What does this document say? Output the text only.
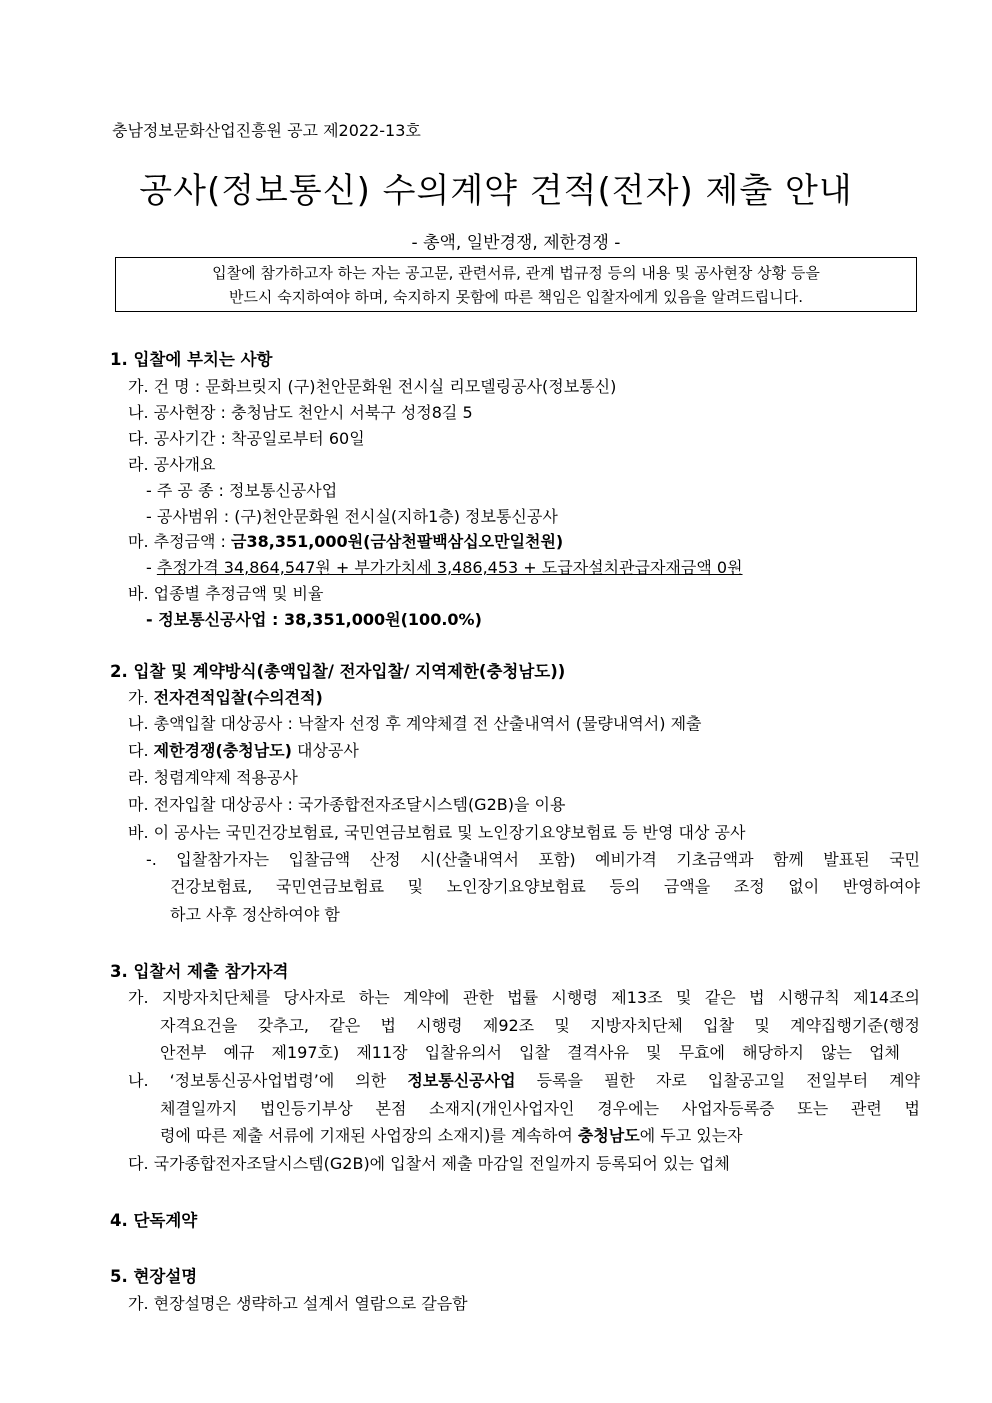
충남정보문화산업진흥원 공고 제2022-13호
공사(정보통신) 수의계약 견적(전자) 제출 안내
- 총액, 일반경쟁, 제한경쟁 -
입찰에 참가하고자 하는 자는 공고문, 관련서류, 관계 법규정 등의 내용 및 공사현장 상황 등을
반드시 숙지하여야 하며, 숙지하지 못함에 따른 책임은 입찰자에게 있음을 알려드립니다.
1. 입찰에 부치는 사항
가. 건 명 : 문화브릿지 (구)천안문화원 전시실 리모델링공사(정보통신)
나. 공사현장 : 충청남도 천안시 서북구 성정8길 5
다. 공사기간 : 착공일로부터 60일
라. 공사개요
- 주 공 종 : 정보통신공사업
- 공사범위 : (구)천안문화원 전시실(지하1층) 정보통신공사
마. 추정금액 : 금38,351,000원(금삼천팔백삼십오만일천원)
- 추정가격 34,864,547원 + 부가가치세 3,486,453 + 도급자설치관급자재금액 0원
바. 업종별 추정금액 및 비율
- 정보통신공사업 : 38,351,000원(100.0%)
2. 입찰 및 계약방식(총액입찰/ 전자입찰/ 지역제한(충청남도))
가. 전자견적입찰(수의견적)
나. 총액입찰 대상공사 : 낙찰자 선정 후 계약체결 전 산출내역서 (물량내역서) 제출
다. 제한경쟁(충청남도) 대상공사
라. 청렴계약제 적용공사
마. 전자입찰 대상공사 : 국가종합전자조달시스템(G2B)을 이용
바. 이 공사는 국민건강보험료, 국민연금보험료 및 노인장기요양보험료 등 반영 대상 공사
-. 입찰참가자는 입찰금액 산정 시(산출내역서 포함) 예비가격 기초금액과 함께 발표된 국민
건강보험료, 국민연금보험료 및 노인장기요양보험료 등의 금액을 조정 없이 반영하여야
하고 사후 정산하여야 함
3. 입찰서 제출 참가자격
가. 지방자치단체를 당사자로 하는 계약에 관한 법률 시행령 제13조 및 같은 법 시행규칙 제14조의
자격요건을 갖추고, 같은 법 시행령 제92조 및 지방자치단체 입찰 및 계약집행기준(행정
안전부 예규 제197호) 제11장 입찰유의서 입찰 결격사유 및 무효에 해당하지 않는 업체
나. ‘정보통신공사업법령’에 의한 정보통신공사업 등록을 필한 자로 입찰공고일 전일부터 계약
체결일까지 법인등기부상 본점 소재지(개인사업자인 경우에는 사업자등록증 또는 관련 법
령에 따른 제출 서류에 기재된 사업장의 소재지)를 계속하여 충청남도에 두고 있는자
다. 국가종합전자조달시스템(G2B)에 입찰서 제출 마감일 전일까지 등록되어 있는 업체
4. 단독계약
5. 현장설명
가. 현장설명은 생략하고 설계서 열람으로 갈음함
